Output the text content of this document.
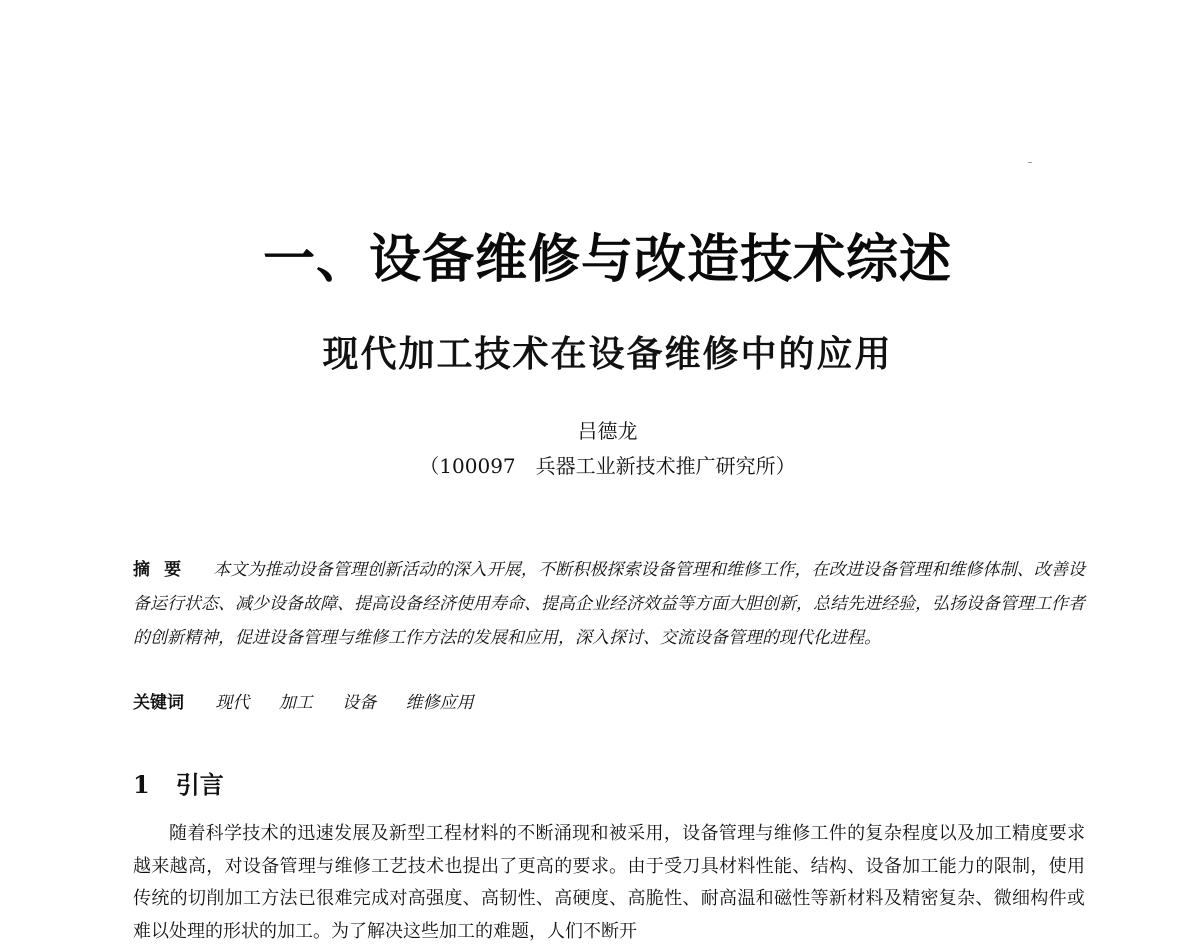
一、设备维修与改造技术综述
现代加工技术在设备维修中的应用
吕德龙
（100097　兵器工业新技术推广研究所）
摘要 本文为推动设备管理创新活动的深入开展，不断积极探索设备管理和维修工作，在改进设备管理和维修体制、改善设备运行状态、减少设备故障、提高设备经济使用寿命、提高企业经济效益等方面大胆创新，总结先进经验，弘扬设备管理工作者的创新精神，促进设备管理与维修工作方法的发展和应用，深入探讨、交流设备管理的现代化进程。
关键词 现代 加工 设备 维修应用
1 引言
随着科学技术的迅速发展及新型工程材料的不断涌现和被采用，设备管理与维修工件的复杂程度以及加工精度要求越来越高，对设备管理与维修工艺技术也提出了更高的要求。由于受刀具材料性能、结构、设备加工能力的限制，使用传统的切削加工方法已很难完成对高强度、高韧性、高硬度、高脆性、耐高温和磁性等新材料及精密复杂、微细构件或难以处理的形状的加工。为了解决这些加工的难题，人们不断开
